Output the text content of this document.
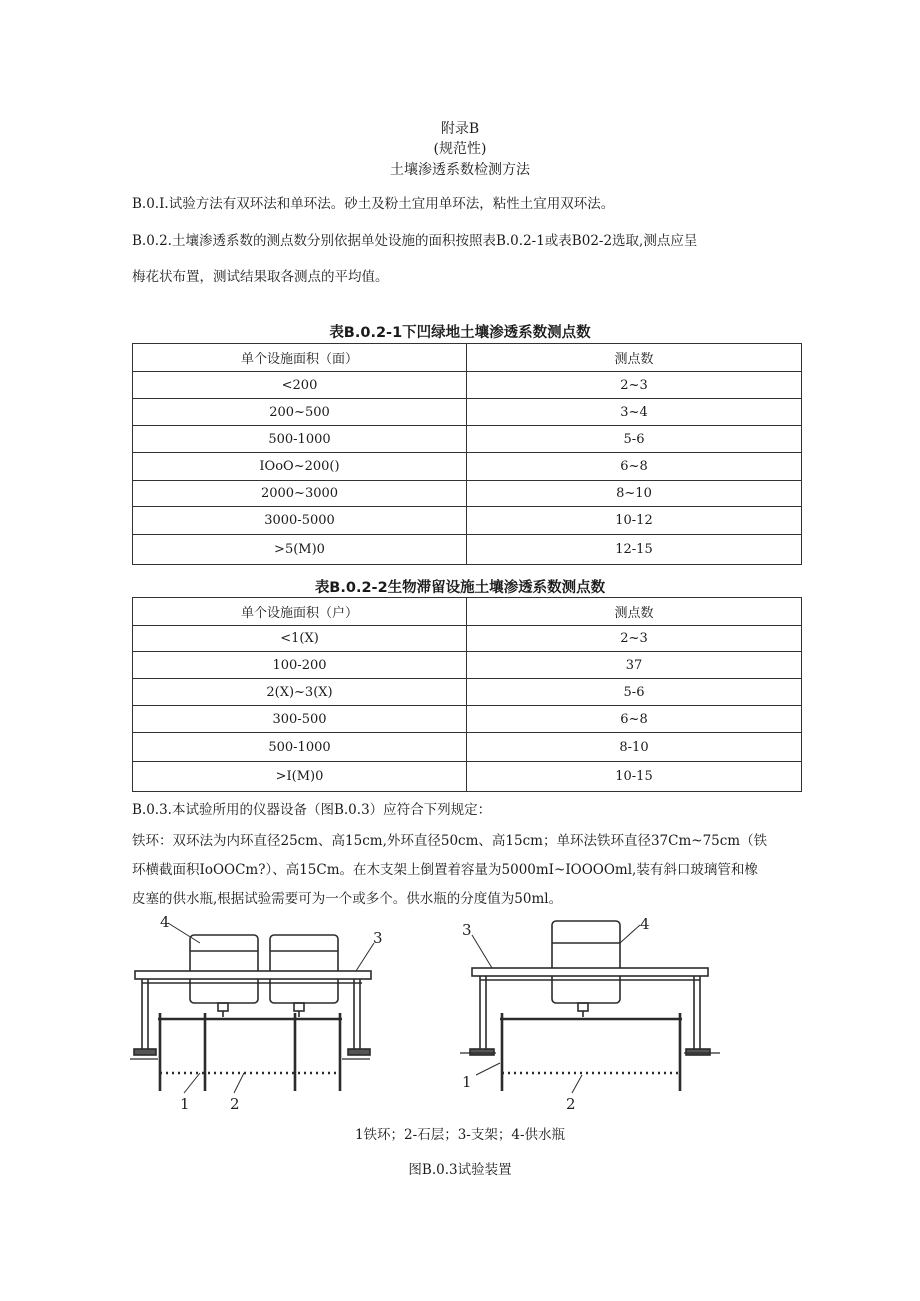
附录B
(规范性)
土壤渗透系数检测方法
B.0.I.试验方法有双环法和单环法。砂土及粉土宜用单环法，粘性土宜用双环法。
B.0.2.土壤渗透系数的测点数分别依据单处设施的面积按照表B.0.2-1或表B02-2选取,测点应呈
梅花状布置，测试结果取各测点的平均值。
表B.0.2-1下凹绿地土壤渗透系数测点数
单个设施面积（面）	测点数
<200	2~3
200~500	3~4
500-1000	5-6
IOoO~200()	6~8
2000~3000	8~10
3000-5000	10-12
>5(M)0	12-15
表B.0.2-2生物滞留设施土壤渗透系数测点数
单个设施面积（户）	测点数
<1(X)	2~3
100-200	37
2(X)~3(X)	5-6
300-500	6~8
500-1000	8-10
>I(M)0	10-15
B.0.3.本试验所用的仪器设备（图B.0.3）应符合下列规定：
铁环：双环法为内环直径25cm、高15cm,外环直径50cm、高15cm；单环法铁环直径37Cm~75cm（铁
环横截面积IoOOCm?）、高15Cm。在木支架上倒置着容量为5000mI~IOOOOml,装有斜口玻璃管和橡
皮塞的供水瓶,根据试验需要可为一个或多个。供水瓶的分度值为50ml。
4
3
1	2
3	4
1
2
1铁环；2-石层；3-支架；4-供水瓶
图B.0.3试验装置
